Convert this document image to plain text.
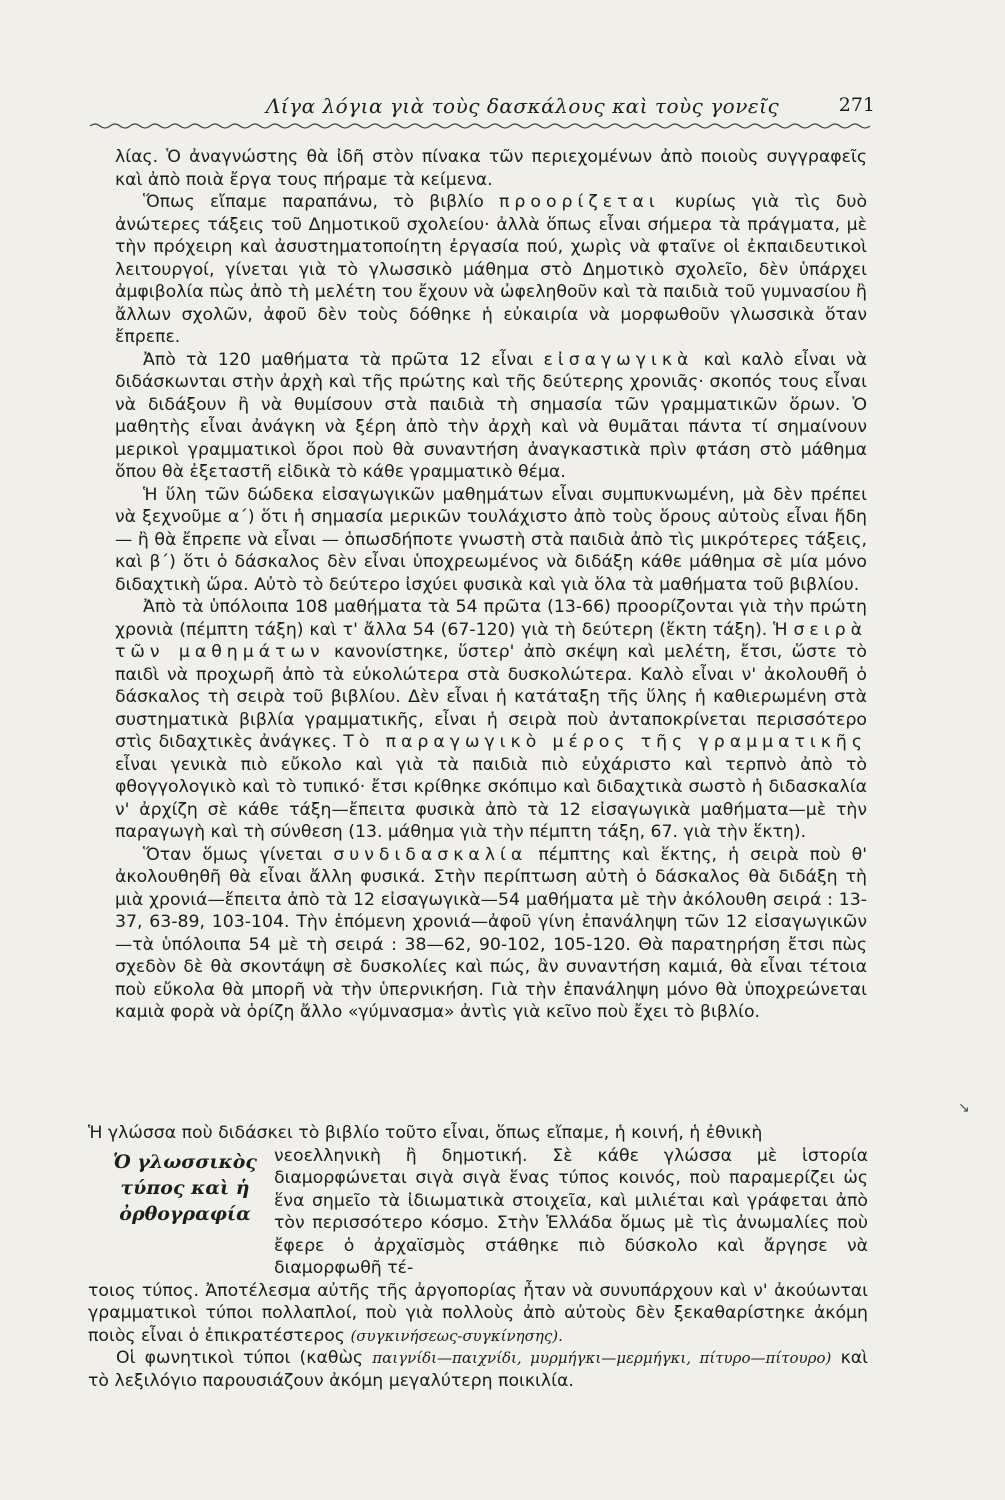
Λίγα λόγια γιὰ τοὺς δασκάλους καὶ τοὺς γονεῖς	271

λίας. Ὁ ἀναγνώστης θὰ ἰδῆ στὸν πίνακα τῶν περιεχομένων ἀπὸ ποιοὺς συγγραφεῖς καὶ ἀπὸ ποιὰ ἔργα τους πήραμε τὰ κείμενα.

Ὅπως εἴπαμε παραπάνω, τὸ βιβλίο προορίζεται κυρίως γιὰ τὶς δυὸ ἀνώτερες τάξεις τοῦ Δημοτικοῦ σχολείου· ἀλλὰ ὅπως εἶναι σήμερα τὰ πράγματα, μὲ τὴν πρόχειρη καὶ ἀσυστηματοποίητη ἐργασία πού, χωρὶς νὰ φταῖνε οἱ ἐκπαιδευτικοὶ λειτουργοί, γίνεται γιὰ τὸ γλωσσικὸ μάθημα στὸ Δημοτικὸ σχολεῖο, δὲν ὑπάρχει ἀμφιβολία πὼς ἀπὸ τὴ μελέτη του ἔχουν νὰ ὠφεληθοῦν καὶ τὰ παιδιὰ τοῦ γυμνασίου ἢ ἄλλων σχολῶν, ἀφοῦ δὲν τοὺς δόθηκε ἡ εὐκαιρία νὰ μορφωθοῦν γλωσσικὰ ὅταν ἔπρεπε.

Ἀπὸ τὰ 120 μαθήματα τὰ πρῶτα 12 εἶναι εἰσαγωγικὰ καὶ καλὸ εἶναι νὰ διδάσκωνται στὴν ἀρχὴ καὶ τῆς πρώτης καὶ τῆς δεύτερης χρονιᾶς· σκοπός τους εἶναι νὰ διδάξουν ἢ νὰ θυμίσουν στὰ παιδιὰ τὴ σημασία τῶν γραμματικῶν ὅρων. Ὁ μαθητὴς εἶναι ἀνάγκη νὰ ξέρη ἀπὸ τὴν ἀρχὴ καὶ νὰ θυμᾶται πάντα τί σημαίνουν μερικοὶ γραμματικοὶ ὅροι ποὺ θὰ συναντήση ἀναγκαστικὰ πρὶν φτάση στὸ μάθημα ὅπου θὰ ἐξεταστῆ εἰδικὰ τὸ κάθε γραμματικὸ θέμα.

Ἡ ὕλη τῶν δώδεκα εἰσαγωγικῶν μαθημάτων εἶναι συμπυκνωμένη, μὰ δὲν πρέπει νὰ ξεχνοῦμε α΄) ὅτι ἡ σημασία μερικῶν τουλάχιστο ἀπὸ τοὺς ὅρους αὐτοὺς εἶναι ἤδη — ἢ θὰ ἔπρεπε νὰ εἶναι — ὁπωσδήποτε γνωστὴ στὰ παιδιὰ ἀπὸ τὶς μικρότερες τάξεις, καὶ β΄) ὅτι ὁ δάσκαλος δὲν εἶναι ὑποχρεωμένος νὰ διδάξη κάθε μάθημα σὲ μία μόνο διδαχτικὴ ὥρα. Αὐτὸ τὸ δεύτερο ἰσχύει φυσικὰ καὶ γιὰ ὅλα τὰ μαθήματα τοῦ βιβλίου.

Ἀπὸ τὰ ὑπόλοιπα 108 μαθήματα τὰ 54 πρῶτα (13-66) προορίζονται γιὰ τὴν πρώτη χρονιὰ (πέμπτη τάξη) καὶ τ' ἄλλα 54 (67-120) γιὰ τὴ δεύτερη (ἕκτη τάξη). Ἡ σειρὰ τῶν μαθημάτων κανονίστηκε, ὕστερ' ἀπὸ σκέψη καὶ μελέτη, ἔτσι, ὥστε τὸ παιδὶ νὰ προχωρῆ ἀπὸ τὰ εὐκολώτερα στὰ δυσκολώτερα. Καλὸ εἶναι ν' ἀκολουθῆ ὁ δάσκαλος τὴ σειρὰ τοῦ βιβλίου. Δὲν εἶναι ἡ κατάταξη τῆς ὕλης ἡ καθιερωμένη στὰ συστηματικὰ βιβλία γραμματικῆς, εἶναι ἡ σειρὰ ποὺ ἀνταποκρίνεται περισσότερο στὶς διδαχτικὲς ἀνάγκες. Τὸ παραγωγικὸ μέρος τῆς γραμματικῆς εἶναι γενικὰ πιὸ εὔκολο καὶ γιὰ τὰ παιδιὰ πιὸ εὐχάριστο καὶ τερπνὸ ἀπὸ τὸ φθογγολογικὸ καὶ τὸ τυπικό· ἔτσι κρίθηκε σκόπιμο καὶ διδαχτικὰ σωστὸ ἡ διδασκαλία ν' ἀρχίζη σὲ κάθε τάξη—ἔπειτα φυσικὰ ἀπὸ τὰ 12 εἰσαγωγικὰ μαθήματα—μὲ τὴν παραγωγὴ καὶ τὴ σύνθεση (13. μάθημα γιὰ τὴν πέμπτη τάξη, 67. γιὰ τὴν ἕκτη).

Ὅταν ὅμως γίνεται συνδιδασκαλία πέμπτης καὶ ἕκτης, ἡ σειρὰ ποὺ θ' ἀκολουθηθῆ θὰ εἶναι ἄλλη φυσικά. Στὴν περίπτωση αὐτὴ ὁ δάσκαλος θὰ διδάξη τὴ μιὰ χρονιά—ἔπειτα ἀπὸ τὰ 12 εἰσαγωγικὰ—54 μαθήματα μὲ τὴν ἀκόλουθη σειρά : 13-37, 63-89, 103-104. Τὴν ἑπόμενη χρονιά—ἀφοῦ γίνη ἐπανάληψη τῶν 12 εἰσαγωγικῶν—τὰ ὑπόλοιπα 54 μὲ τὴ σειρά : 38—62, 90-102, 105-120. Θὰ παρατηρήση ἔτσι πὼς σχεδὸν δὲ θὰ σκοντάψη σὲ δυσκολίες καὶ πώς, ἂν συναντήση καμιά, θὰ εἶναι τέτοια ποὺ εὔκολα θὰ μπορῆ νὰ τὴν ὑπερνικήση. Γιὰ τὴν ἐπανάληψη μόνο θὰ ὑποχρεώνεται καμιὰ φορὰ νὰ ὁρίζη ἄλλο «γύμνασμα» ἀντὶς γιὰ κεῖνο ποὺ ἔχει τὸ βιβλίο.

Ἡ γλώσσα ποὺ διδάσκει τὸ βιβλίο τοῦτο εἶναι, ὅπως εἴπαμε, ἡ κοινή, ἡ ἐθνικὴ

Ὁ γλωσσικὸς τύπος καὶ ἡ ὀρθογραφία
νεοελληνικὴ ἢ δημοτική. Σὲ κάθε γλώσσα μὲ ἱστορία διαμορφώνεται σιγὰ σιγὰ ἕνας τύπος κοινός, ποὺ παραμερίζει ὡς ἕνα σημεῖο τὰ ἰδιωματικὰ στοιχεῖα, καὶ μιλιέται καὶ γράφεται ἀπὸ τὸν περισσότερο κόσμο. Στὴν Ἑλλάδα ὅμως μὲ τὶς ἀνωμαλίες ποὺ ἔφερε ὁ ἀρχαϊσμὸς στάθηκε πιὸ δύσκολο καὶ ἄργησε νὰ διαμορφωθῆ τέ-

τοιος τύπος. Ἀποτέλεσμα αὐτῆς τῆς ἀργοπορίας ἦταν νὰ συνυπάρχουν καὶ ν' ἀκούωνται γραμματικοὶ τύποι πολλαπλοί, ποὺ γιὰ πολλοὺς ἀπὸ αὐτοὺς δὲν ξεκαθαρίστηκε ἀκόμη ποιὸς εἶναι ὁ ἐπικρατέστερος (συγκινήσεως-συγκίνησης).

Οἱ φωνητικοὶ τύποι (καθὼς παιγνίδι—παιχνίδι, μυρμήγκι—μερμήγκι, πίτυρο—πίτουρο) καὶ τὸ λεξιλόγιο παρουσιάζουν ἀκόμη μεγαλύτερη ποικιλία.

↘
